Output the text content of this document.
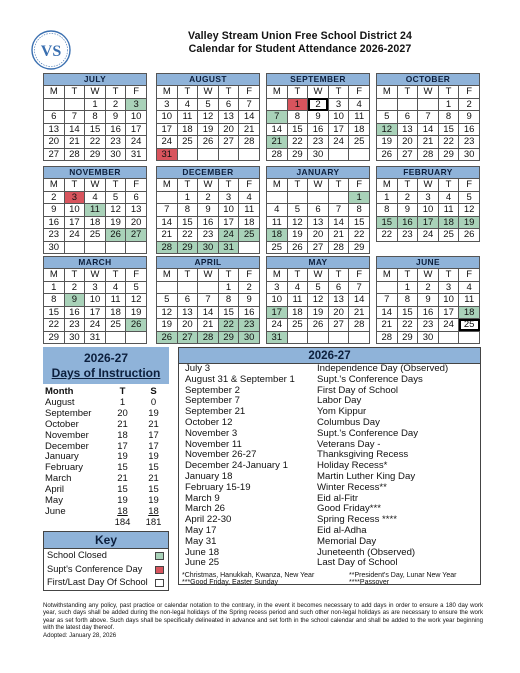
VS
Valley Stream Union Free School District 24
Calendar for Student Attendance 2026-2027
JULY				
M	T	W	T	F
		1	2	3
6	7	8	9	10
13	14	15	16	17
20	21	22	23	24
27	28	29	30	31
AUGUST				
M	T	W	T	F
3	4	5	6	7
10	11	12	13	14
17	18	19	20	21
24	25	26	27	28
31				
SEPTEMBER				
M	T	W	T	F
	1	2	3	4
7	8	9	10	11
14	15	16	17	18
21	22	23	24	25
28	29	30		
OCTOBER				
M	T	W	T	F
			1	2
5	6	7	8	9
12	13	14	15	16
19	20	21	22	23
26	27	28	29	30
NOVEMBER				
M	T	W	T	F
2	3	4	5	6
9	10	11	12	13
16	17	18	19	20
23	24	25	26	27
30				
DECEMBER				
M	T	W	T	F
	1	2	3	4
7	8	9	10	11
14	15	16	17	18
21	22	23	24	25
28	29	30	31	
JANUARY				
M	T	W	T	F
				1
4	5	6	7	8
11	12	13	14	15
18	19	20	21	22
25	26	27	28	29
FEBRUARY				
M	T	W	T	F
1	2	3	4	5
8	9	10	11	12
15	16	17	18	19
22	23	24	25	26
MARCH				
M	T	W	T	F
1	2	3	4	5
8	9	10	11	12
15	16	17	18	19
22	23	24	25	26
29	30	31		
APRIL				
M	T	W	T	F
			1	2
5	6	7	8	9
12	13	14	15	16
19	20	21	22	23
26	27	28	29	30
MAY				
M	T	W	T	F
3	4	5	6	7
10	11	12	13	14
17	18	19	20	21
24	25	26	27	28
31				
JUNE				
M	T	W	T	F
	1	2	3	4
7	8	9	10	11
14	15	16	17	18
21	22	23	24	25
28	29	30		
2026-27
Days of Instruction
Month	T	S
August	1	0
September	20	19
October	21	21
November	18	17
December	17	17
January	19	19
February	15	15
March	21	21
April	15	15
May	19	19
June	18	18
	184	181
Key
School Closed
Supt's Conference Day
First/Last Day Of School
2026-27
July 3	Independence Day (Observed)
August 31 & September 1 Supt.'s Conference Days
September 2	First Day of School
September 7	Labor Day
September 21	Yom Kippur
October 12	Columbus Day
November 3	Supt.'s Conference Day
November 11	Veterans Day -
November 26-27	Thanksgiving Recess
December 24-January 1	Holiday Recess*
January 18	Martin Luther King Day
February 15-19	Winter Recess**
March 9	Eid al-Fitr
March 26	Good Friday***
April 22-30	Spring Recess ****
May 17	Eid al-Adha
May 31	Memorial Day
June 18	Juneteenth (Observed)
June 25	Last Day of School
*Christmas, Hanukkah, Kwanza, New Year
***Good Friday, Easter Sunday
**President's Day, Lunar New Year
****Passover
Notwithstanding any policy, past practice or calendar notation to the contrary, in the event it becomes necessary to add days in order to ensure a 180 day work year, such days shall be added during the non-legal holidays of the Spring recess period and such other non-legal holidays as are necessary to ensure the work year as set forth above. Such days shall be specifically delineated in advance and set forth in the school calendar and shall be added to the work year beginning with the latest day thereof.
Adopted: January 28, 2026
